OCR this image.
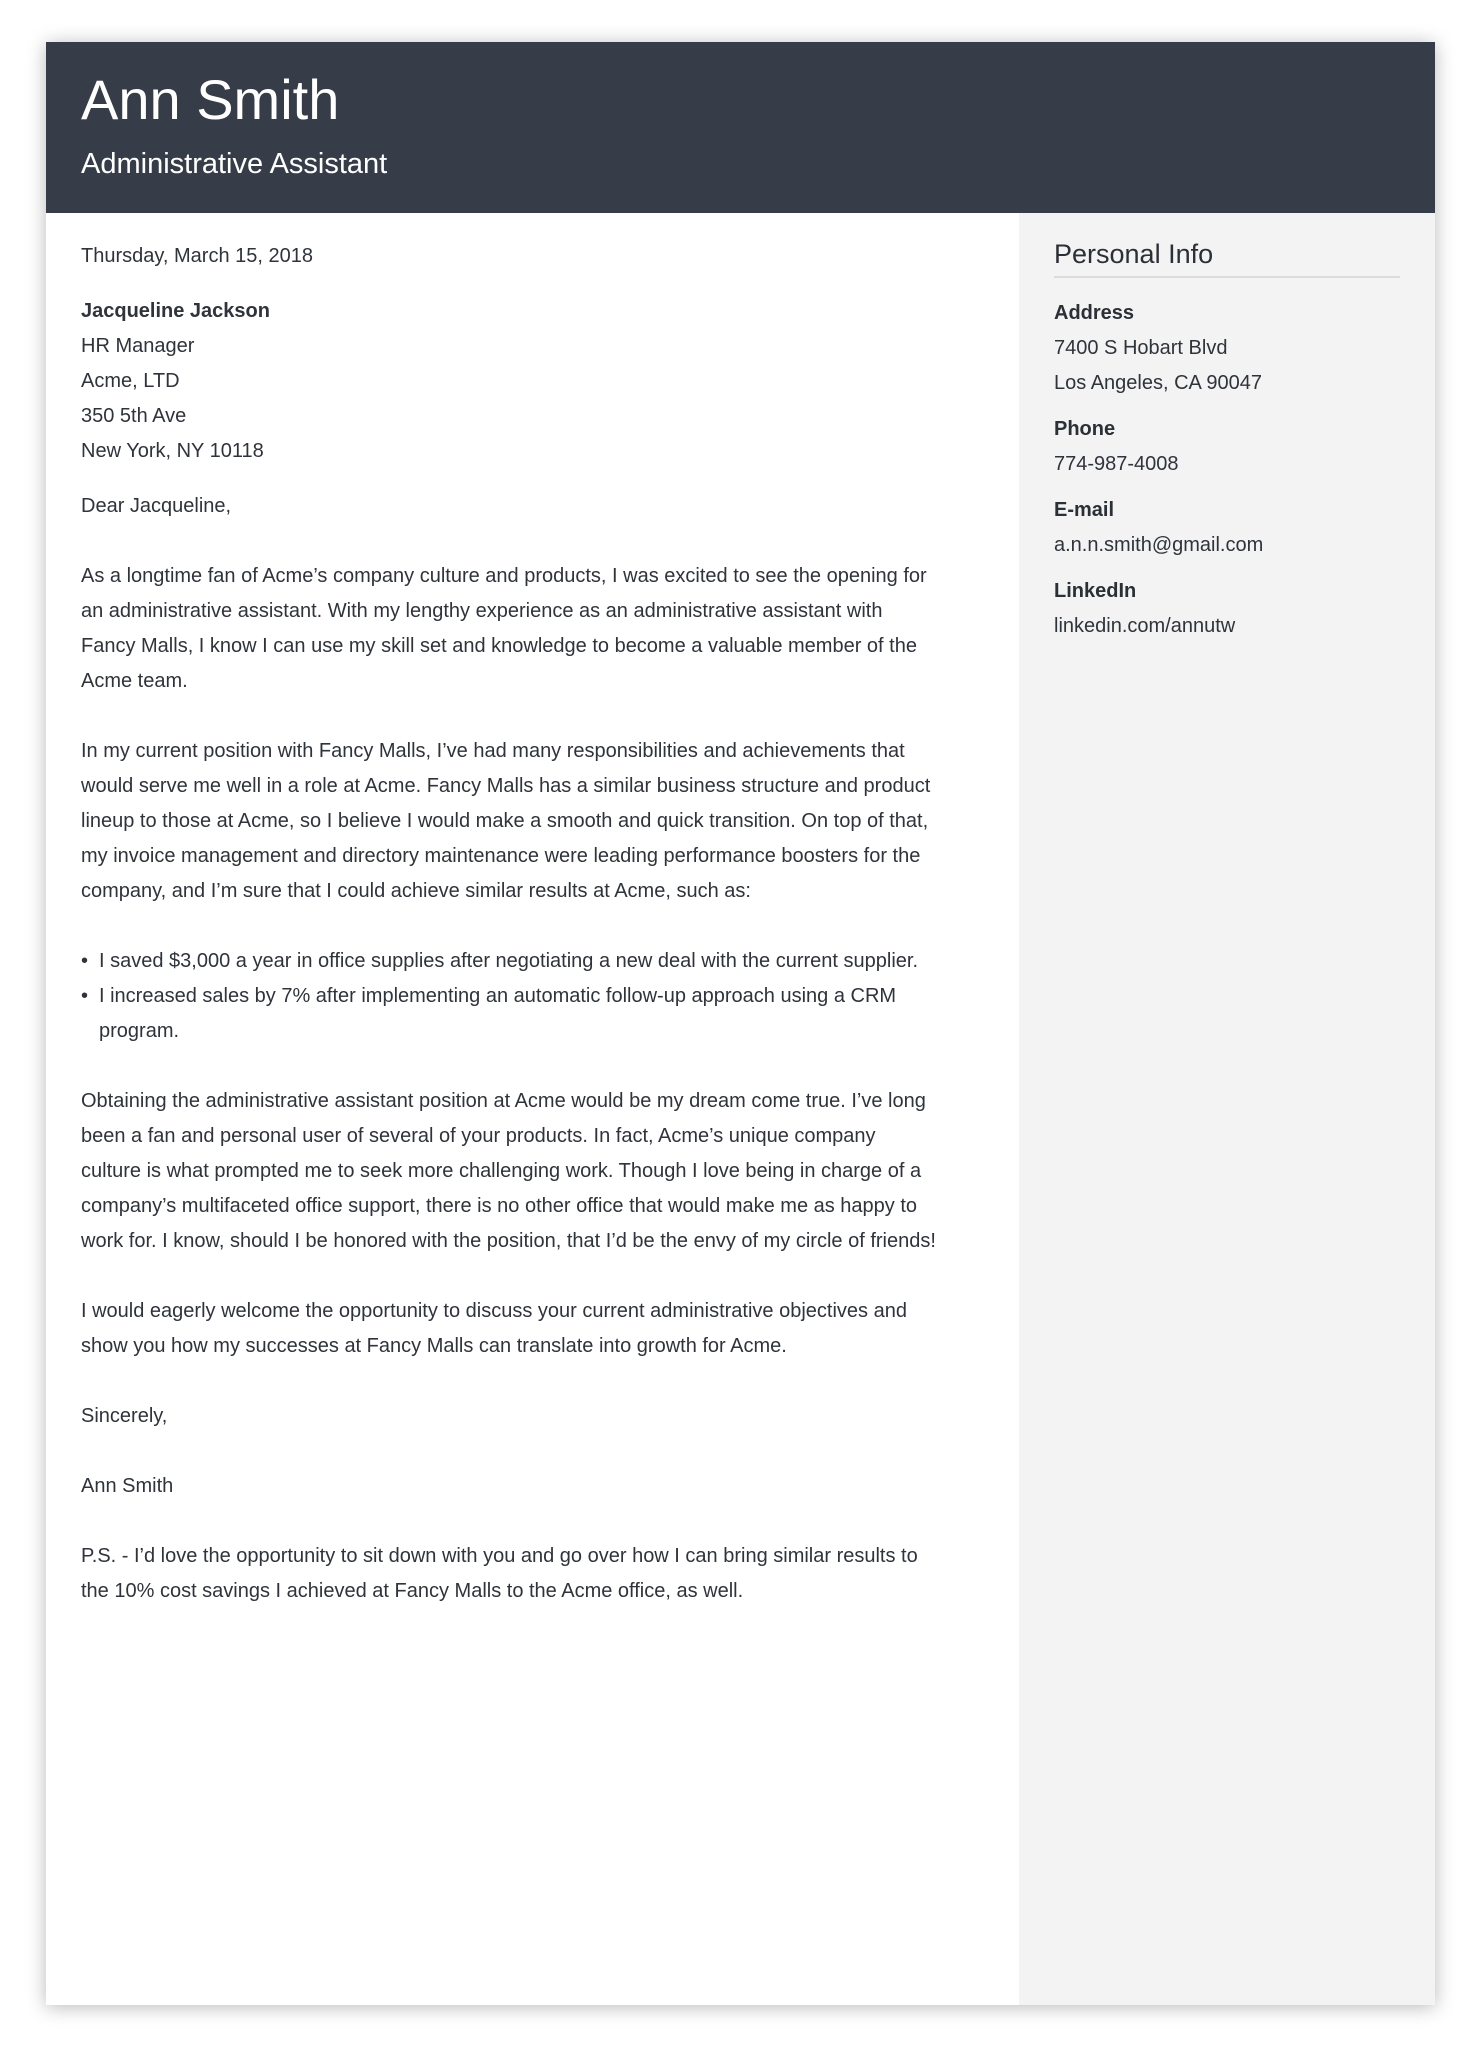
Ann Smith
Administrative Assistant
Thursday, March 15, 2018
Jacqueline Jackson
HR Manager
Acme, LTD
350 5th Ave
New York, NY 10118
Dear Jacqueline,
As a longtime fan of Acme’s company culture and products, I was excited to see the opening for
an administrative assistant. With my lengthy experience as an administrative assistant with
Fancy Malls, I know I can use my skill set and knowledge to become a valuable member of the
Acme team.
In my current position with Fancy Malls, I’ve had many responsibilities and achievements that
would serve me well in a role at Acme. Fancy Malls has a similar business structure and product
lineup to those at Acme, so I believe I would make a smooth and quick transition. On top of that,
my invoice management and directory maintenance were leading performance boosters for the
company, and I’m sure that I could achieve similar results at Acme, such as:
• I saved $3,000 a year in office supplies after negotiating a new deal with the current supplier.
• I increased sales by 7% after implementing an automatic follow-up approach using a CRM
program.
Obtaining the administrative assistant position at Acme would be my dream come true. I’ve long
been a fan and personal user of several of your products. In fact, Acme’s unique company
culture is what prompted me to seek more challenging work. Though I love being in charge of a
company’s multifaceted office support, there is no other office that would make me as happy to
work for. I know, should I be honored with the position, that I’d be the envy of my circle of friends!
I would eagerly welcome the opportunity to discuss your current administrative objectives and
show you how my successes at Fancy Malls can translate into growth for Acme.
Sincerely,
Ann Smith
P.S. - I’d love the opportunity to sit down with you and go over how I can bring similar results to
the 10% cost savings I achieved at Fancy Malls to the Acme office, as well.
Personal Info
Address
7400 S Hobart Blvd
Los Angeles, CA 90047
Phone
774-987-4008
E-mail
a.n.n.smith@gmail.com
LinkedIn
linkedin.com/annutw
